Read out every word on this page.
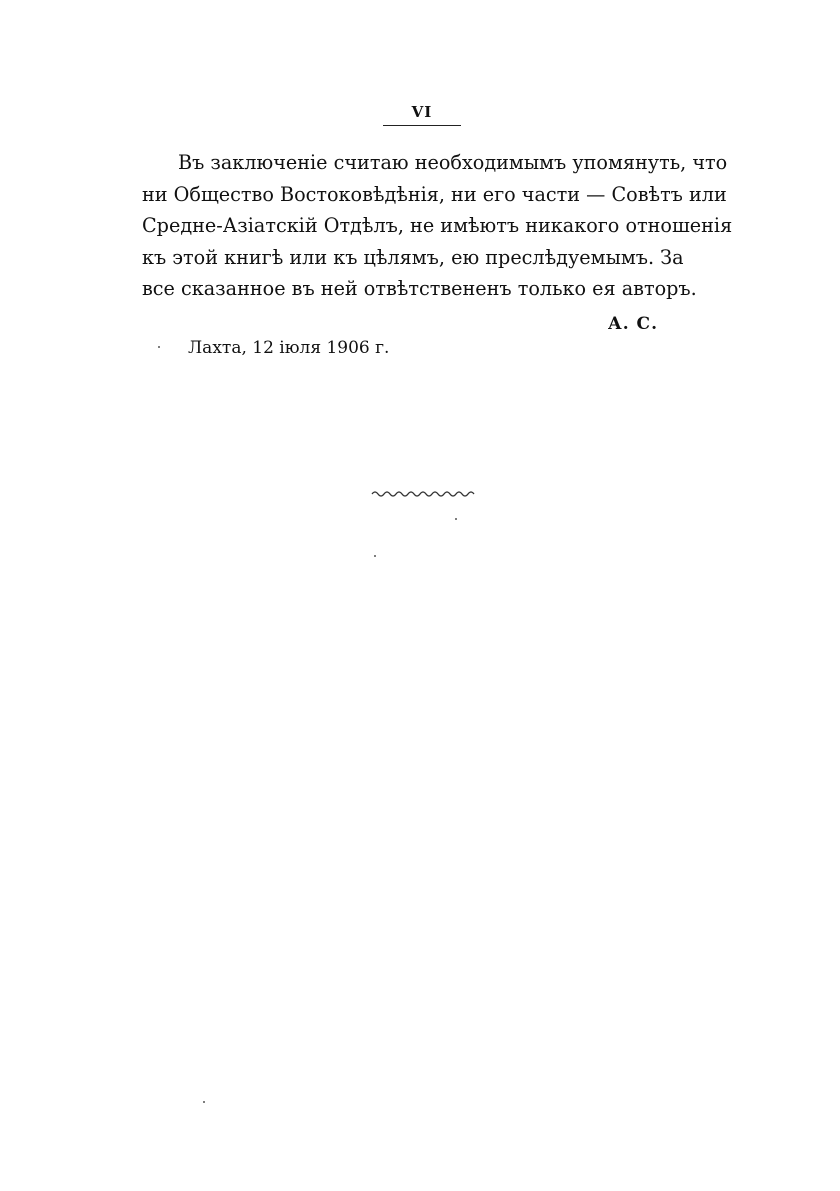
VI
Въ заключеніе считаю необходимымъ упомянуть, что
ни Общество Востоковѣдѣнія, ни его части — Совѣтъ или
Средне-Азіатскій Отдѣлъ, не имѣютъ никакого отношенія
къ этой книгѣ или къ цѣлямъ, ею преслѣдуемымъ. За
все сказанное въ ней отвѣтствененъ только ея авторъ.
А. С.
Лахта, 12 іюля 1906 г.
